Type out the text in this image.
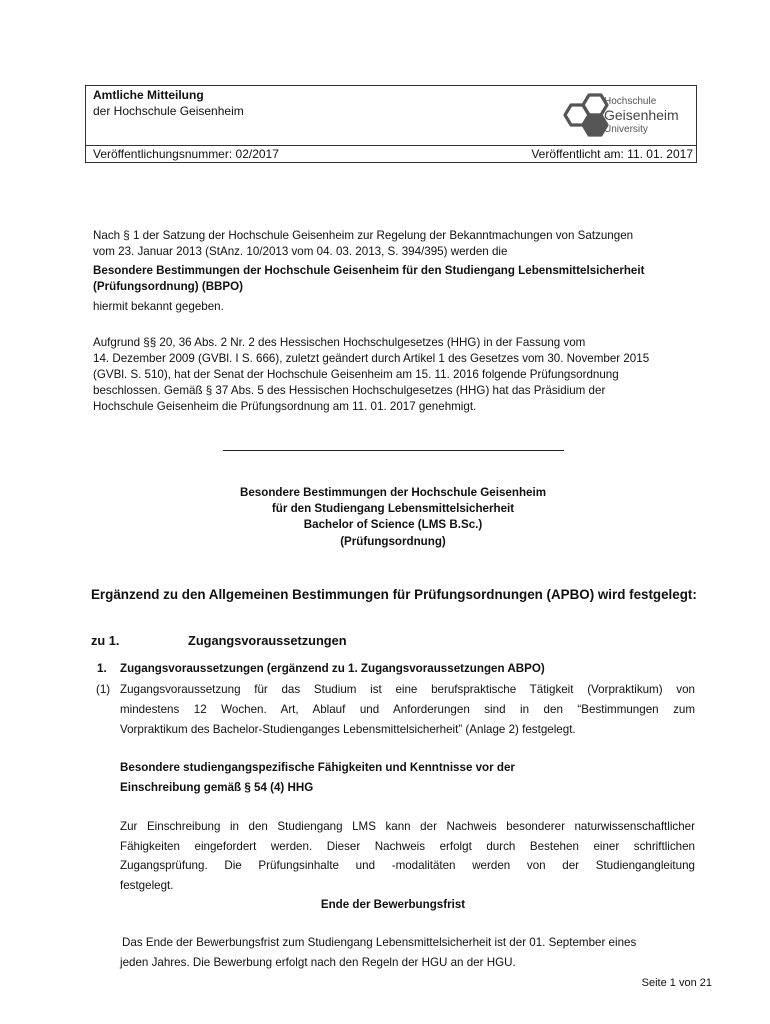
Amtliche Mitteilung
der Hochschule Geisenheim
Veröffentlichungsnummer: 02/2017	Veröffentlicht am: 11. 01. 2017
Hochschule
Geisenheim
University
Nach § 1 der Satzung der Hochschule Geisenheim zur Regelung der Bekanntmachungen von Satzungen
vom 23. Januar 2013 (StAnz. 10/2013 vom 04. 03. 2013, S. 394/395) werden die
Besondere Bestimmungen der Hochschule Geisenheim für den Studiengang Lebensmittelsicherheit
(Prüfungsordnung) (BBPO)
hiermit bekannt gegeben.
Aufgrund §§ 20, 36 Abs. 2 Nr. 2 des Hessischen Hochschulgesetzes (HHG) in der Fassung vom
14. Dezember 2009 (GVBl. I S. 666), zuletzt geändert durch Artikel 1 des Gesetzes vom 30. November 2015
(GVBl. S. 510), hat der Senat der Hochschule Geisenheim am 15. 11. 2016 folgende Prüfungsordnung
beschlossen. Gemäß § 37 Abs. 5 des Hessischen Hochschulgesetzes (HHG) hat das Präsidium der
Hochschule Geisenheim die Prüfungsordnung am 11. 01. 2017 genehmigt.
Besondere Bestimmungen der Hochschule Geisenheim
für den Studiengang Lebensmittelsicherheit
Bachelor of Science (LMS B.Sc.)
(Prüfungsordnung)
Ergänzend zu den Allgemeinen Bestimmungen für Prüfungsordnungen (APBO) wird festgelegt:
zu 1.	Zugangsvoraussetzungen
1. Zugangsvoraussetzungen (ergänzend zu 1. Zugangsvoraussetzungen ABPO)
(1) Zugangsvoraussetzung für das Studium ist eine berufspraktische Tätigkeit (Vorpraktikum) von
mindestens 12 Wochen. Art, Ablauf und Anforderungen sind in den “Bestimmungen zum
Vorpraktikum des Bachelor-Studienganges Lebensmittelsicherheit” (Anlage 2) festgelegt.
Besondere studiengangspezifische Fähigkeiten und Kenntnisse vor der
Einschreibung gemäß § 54 (4) HHG
Zur Einschreibung in den Studiengang LMS kann der Nachweis besonderer naturwissenschaftlicher
Fähigkeiten eingefordert werden. Dieser Nachweis erfolgt durch Bestehen einer schriftlichen
Zugangsprüfung. Die Prüfungsinhalte und -modalitäten werden von der Studiengangleitung
festgelegt.
Ende der Bewerbungsfrist
Das Ende der Bewerbungsfrist zum Studiengang Lebensmittelsicherheit ist der 01. September eines
jeden Jahres. Die Bewerbung erfolgt nach den Regeln der HGU an der HGU.
Seite 1 von 21
